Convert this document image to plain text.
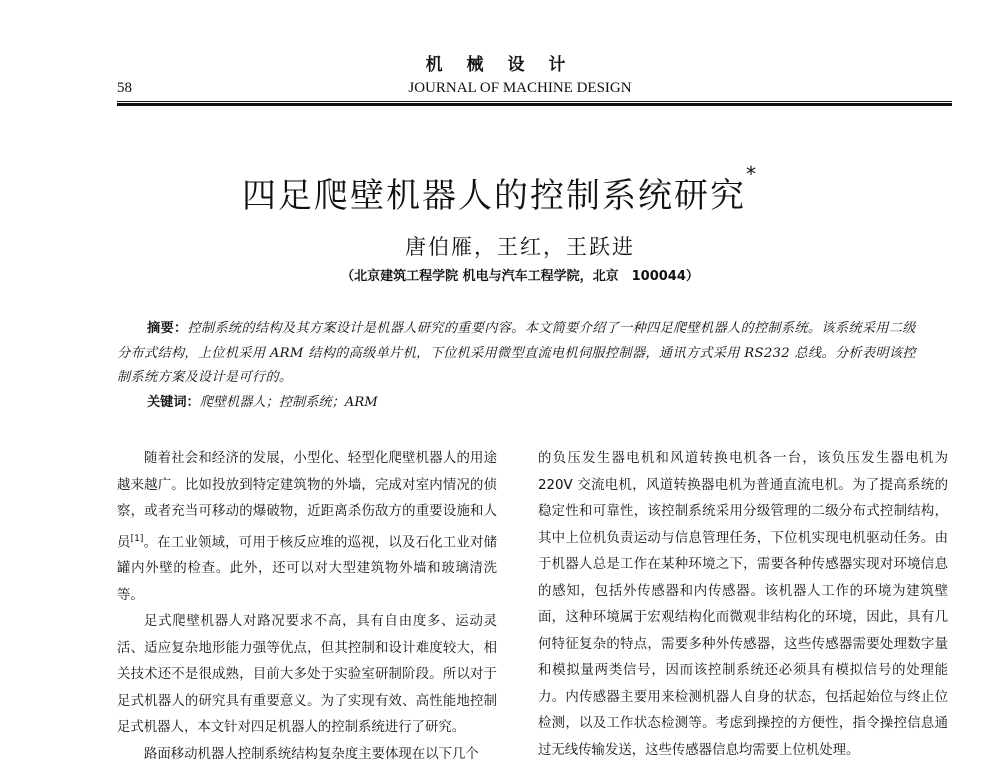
机 械 设 计
58	JOURNAL OF MACHINE DESIGN
四足爬壁机器人的控制系统研究*
唐伯雁，王红，王跃进
（北京建筑工程学院 机电与汽车工程学院，北京　100044）
摘要：控制系统的结构及其方案设计是机器人研究的重要内容。本文简要介绍了一种四足爬壁机器人的控制系统。该系统采用二级分布式结构，上位机采用 ARM 结构的高级单片机，下位机采用微型直流电机伺服控制器，通讯方式采用 RS232 总线。分析表明该控制系统方案及设计是可行的。
关键词：爬壁机器人；控制系统；ARM

随着社会和经济的发展，小型化、轻型化爬壁机器人的用途越来越广。比如投放到特定建筑物的外墙，完成对室内情况的侦察，或者充当可移动的爆破物，近距离杀伤敌方的重要设施和人员[1]。在工业领域，可用于核反应堆的巡视，以及石化工业对储罐内外壁的检查。此外，还可以对大型建筑物外墙和玻璃清洗等。

足式爬壁机器人对路况要求不高，具有自由度多、运动灵活、适应复杂地形能力强等优点，但其控制和设计难度较大，相关技术还不是很成熟，目前大多处于实验室研制阶段。所以对于足式机器人的研究具有重要意义。为了实现有效、高性能地控制足式机器人，本文针对四足机器人的控制系统进行了研究。

路面移动机器人控制系统结构复杂度主要体现在以下几个

的负压发生器电机和风道转换电机各一台，该负压发生器电机为 220V 交流电机，风道转换器电机为普通直流电机。为了提高系统的稳定性和可靠性，该控制系统采用分级管理的二级分布式控制结构，其中上位机负责运动与信息管理任务，下位机实现电机驱动任务。由于机器人总是工作在某种环境之下，需要各种传感器实现对环境信息的感知，包括外传感器和内传感器。该机器人工作的环境为建筑壁面，这种环境属于宏观结构化而微观非结构化的环境，因此，具有几何特征复杂的特点，需要多种外传感器，这些传感器需要处理数字量和模拟量两类信号，因而该控制系统还必须具有模拟信号的处理能力。内传感器主要用来检测机器人自身的状态，包括起始位与终止位检测，以及工作状态检测等。考虑到操控的方便性，指令操控信息通过无线传输发送，这些传感器信息均需要上位机处理。
